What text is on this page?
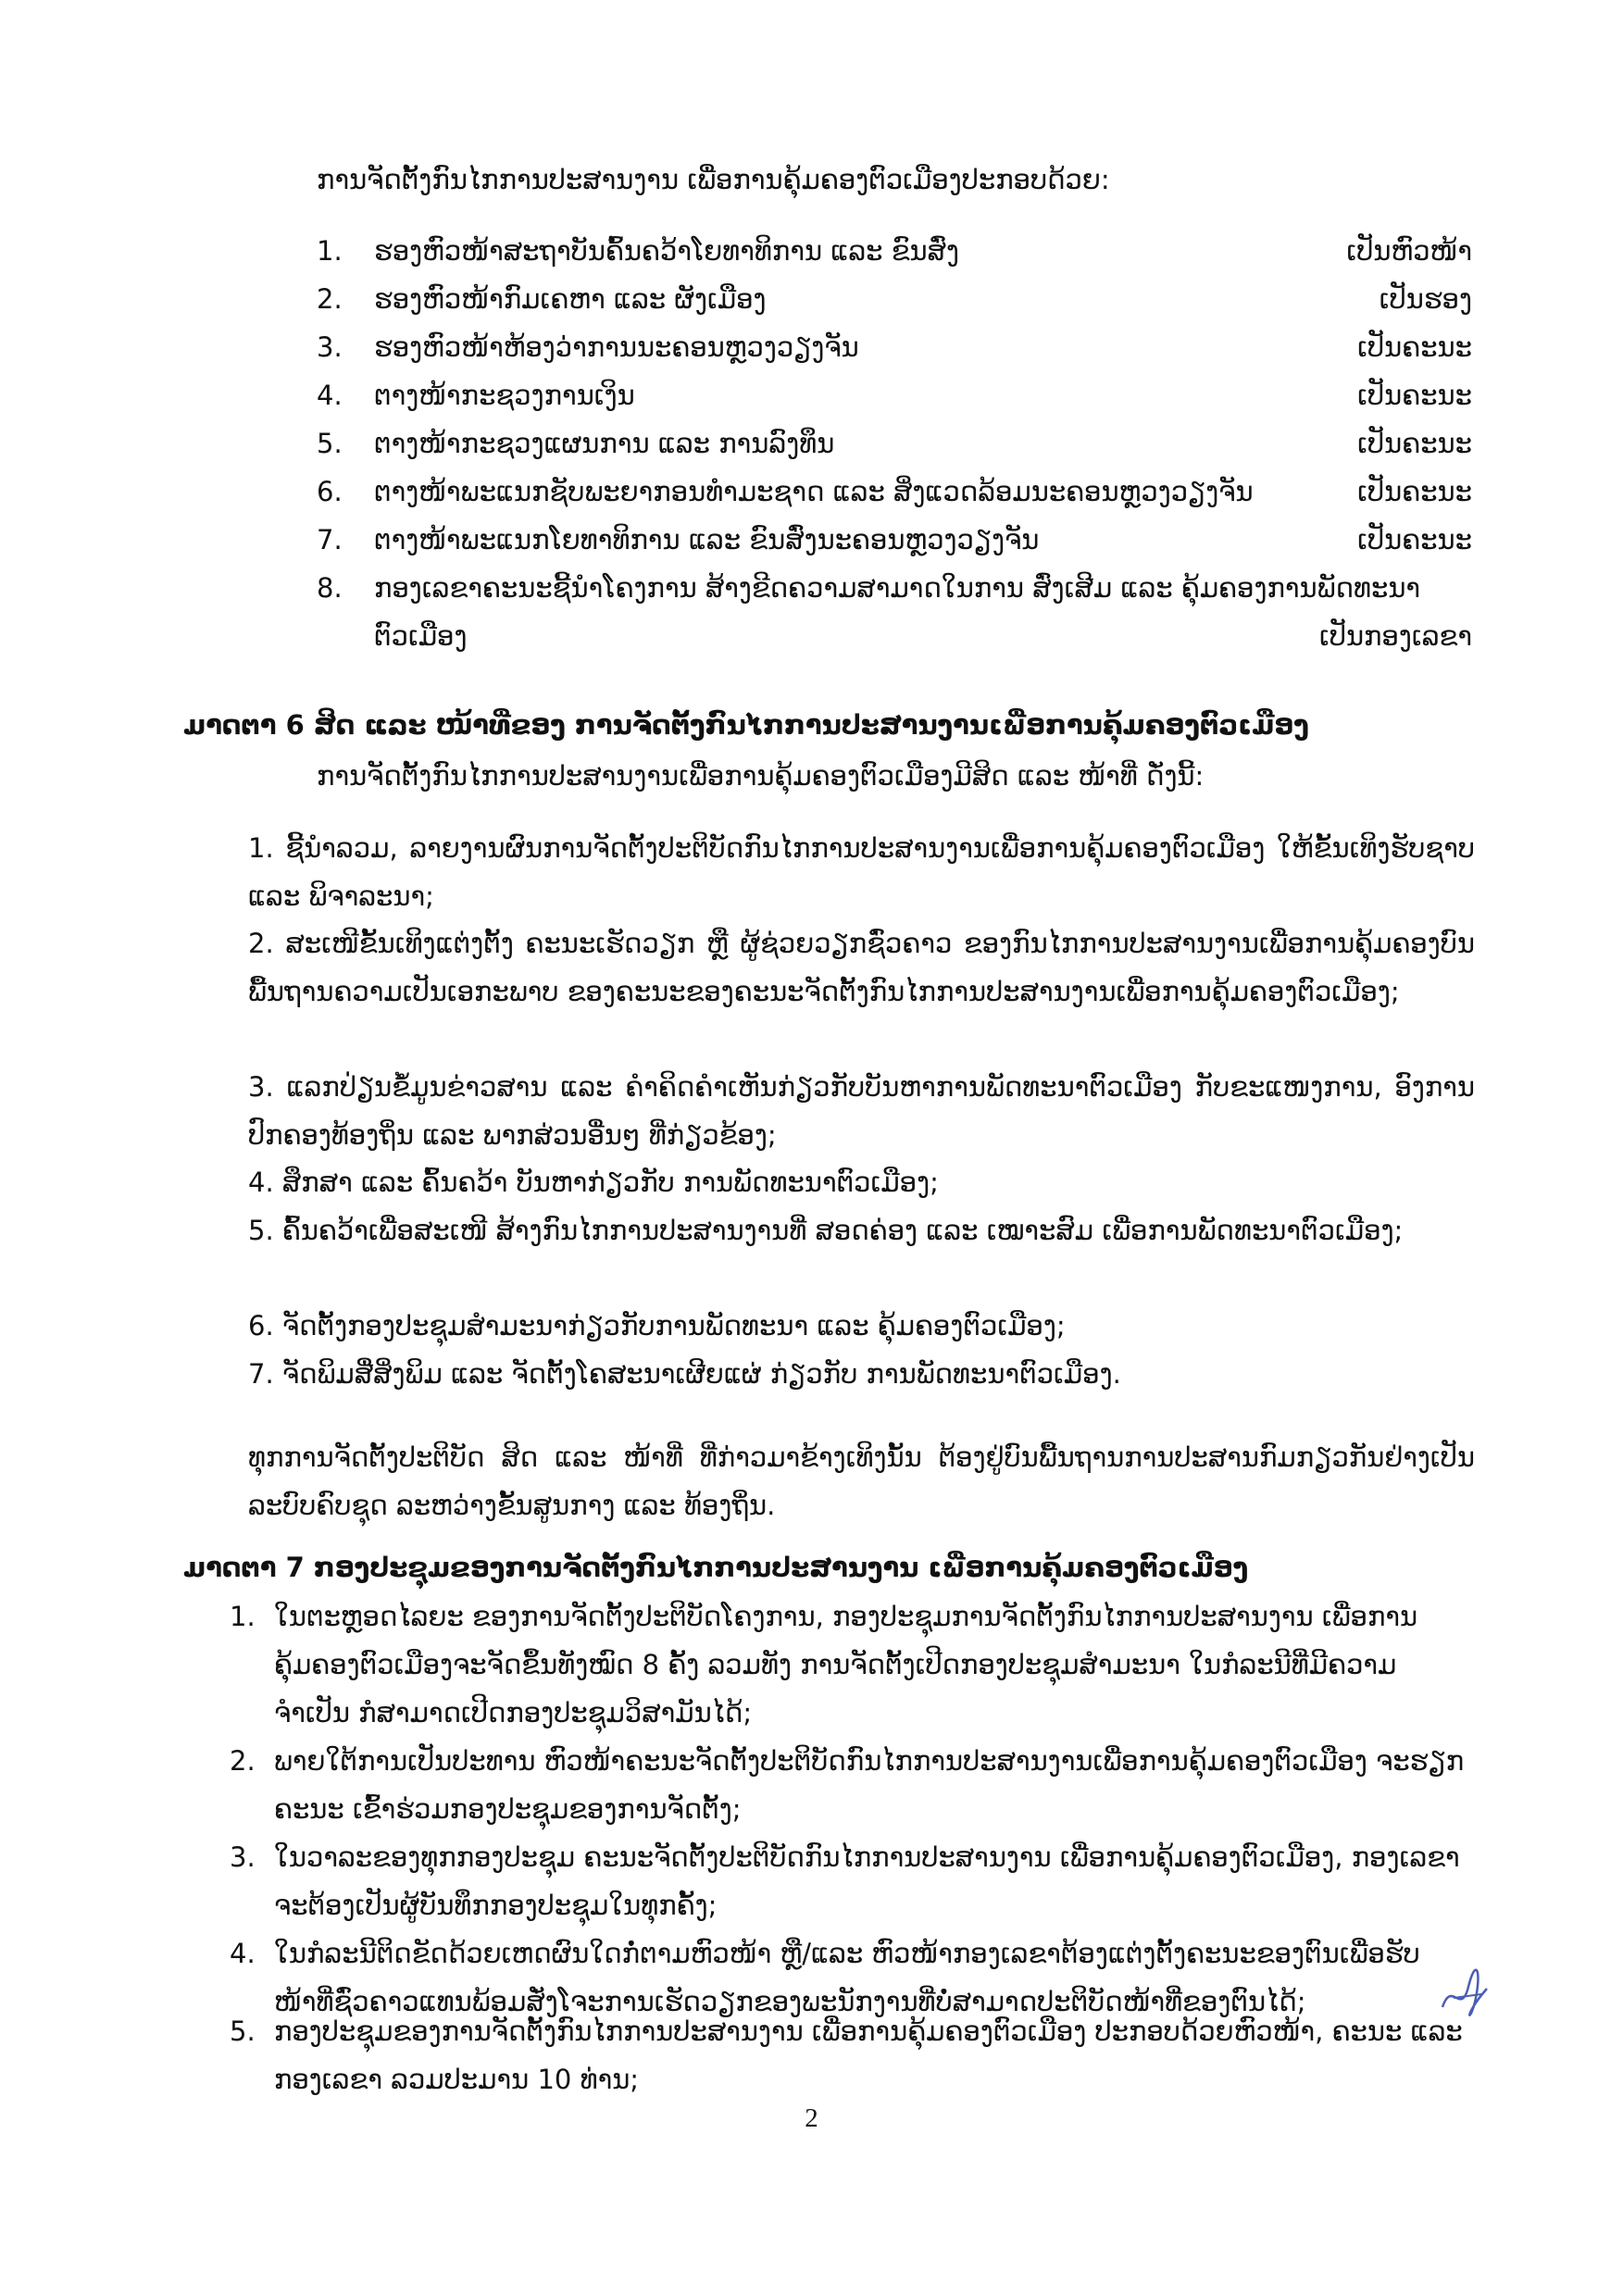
ການຈັດຕັ້ງກົນໄກການປະສານງານ ເພື່ອການຄຸ້ມຄອງຕົວເມືອງປະກອບດ້ວຍ:
1.	ຮອງຫົວໜ້າສະຖາບັນຄົ້ນຄວ້າໂຍທາທິການ ແລະ ຂົນສົ່ງ	ເປັນຫົວໜ້າ
2.	ຮອງຫົວໜ້າກົມເຄຫາ ແລະ ຜັງເມືອງ	ເປັນຮອງ
3.	ຮອງຫົວໜ້າຫ້ອງວ່າການນະຄອນຫຼວງວຽງຈັນ	ເປັນຄະນະ
4.	ຕາງໜ້າກະຊວງການເງິນ	ເປັນຄະນະ
5.	ຕາງໜ້າກະຊວງແຜນການ ແລະ ການລົງທຶນ	ເປັນຄະນະ
6.	ຕາງໜ້າພະແນກຊັບພະຍາກອນທຳມະຊາດ ແລະ ສິ່ງແວດລ້ອມນະຄອນຫຼວງວຽງຈັນ	ເປັນຄະນະ
7.	ຕາງໜ້າພະແນກໂຍທາທິການ ແລະ ຂົນສົ່ງນະຄອນຫຼວງວຽງຈັນ	ເປັນຄະນະ
8.	ກອງເລຂາຄະນະຊີ້ນຳໂຄງການ ສ້າງຂີດຄວາມສາມາດໃນການ ສົ່ງເສີມ ແລະ ຄຸ້ມຄອງການພັດທະນາ
ຕົວເມືອງ	ເປັນກອງເລຂາ
ມາດຕາ 6 ສິດ ແລະ ໜ້າທີ່ຂອງ ການຈັດຕັ້ງກົນໄກການປະສານງານເພື່ອການຄຸ້ມຄອງຕົວເມືອງ
ການຈັດຕັ້ງກົນໄກການປະສານງານເພື່ອການຄຸ້ມຄອງຕົວເມືອງມີສິດ ແລະ ໜ້າທີ່ ດັ່ງນີ້:
1. ຊີ້ນຳລວມ, ລາຍງານຜົນການຈັດຕັ້ງປະຕິບັດກົນໄກການປະສານງານເພື່ອການຄຸ້ມຄອງຕົວເມືອງ ໃຫ້ຂັ້ນເທິງຮັບຊາບ ແລະ ພິຈາລະນາ;
2. ສະເໜີຂັ້ນເທິງແຕ່ງຕັ້ງ ຄະນະເຮັດວຽກ ຫຼື ຜູ້ຊ່ວຍວຽກຊົ່ວຄາວ ຂອງກົນໄກການປະສານງານເພື່ອການຄຸ້ມຄອງບົນພື້ນຖານຄວາມເປັນເອກະພາບ ຂອງຄະນະຂອງຄະນະຈັດຕັ້ງກົນໄກການປະສານງານເພື່ອການຄຸ້ມຄອງຕົວເມືອງ;
3. ແລກປ່ຽນຂໍ້ມູນຂ່າວສານ ແລະ ຄຳຄິດຄຳເຫັນກ່ຽວກັບບັນຫາການພັດທະນາຕົວເມືອງ ກັບຂະແໜງການ, ອົງການປົກຄອງທ້ອງຖິ່ນ ແລະ ພາກສ່ວນອື່ນໆ ທີ່ກ່ຽວຂ້ອງ;
4. ສຶກສາ ແລະ ຄົ້ນຄວ້າ ບັນຫາກ່ຽວກັບ ການພັດທະນາຕົວເມືອງ;
5. ຄົ້ນຄວ້າເພື່ອສະເໜີ ສ້າງກົນໄກການປະສານງານທີ່ ສອດຄ່ອງ ແລະ ເໝາະສົມ ເພື່ອການພັດທະນາຕົວເມືອງ;
6. ຈັດຕັ້ງກອງປະຊຸມສຳມະນາກ່ຽວກັບການພັດທະນາ ແລະ ຄຸ້ມຄອງຕົວເມືອງ;
7. ຈັດພິມສື່ສິ່ງພິມ ແລະ ຈັດຕັ້ງໂຄສະນາເຜີຍແຜ່ ກ່ຽວກັບ ການພັດທະນາຕົວເມືອງ.
ທຸກການຈັດຕັ້ງປະຕິບັດ ສິດ ແລະ ໜ້າທີ່ ທີ່ກ່າວມາຂ້າງເທິງນັ້ນ ຕ້ອງຢູ່ບົນພື້ນຖານການປະສານກົມກຽວກັນຢ່າງເປັນລະບົບຄົບຊຸດ ລະຫວ່າງຂັ້ນສູນກາງ ແລະ ທ້ອງຖິ່ນ.
ມາດຕາ 7 ກອງປະຊຸມຂອງການຈັດຕັ້ງກົນໄກການປະສານງານ ເພື່ອການຄຸ້ມຄອງຕົວເມືອງ
1. ໃນຕະຫຼອດໄລຍະ ຂອງການຈັດຕັ້ງປະຕິບັດໂຄງການ, ກອງປະຊຸມການຈັດຕັ້ງກົນໄກການປະສານງານ ເພື່ອການຄຸ້ມຄອງຕົວເມືອງຈະຈັດຂຶ້ນທັງໝົດ 8 ຄັ້ງ ລວມທັງ ການຈັດຕັ້ງເປີດກອງປະຊຸມສຳມະນາ ໃນກໍລະນີທີ່ມີຄວາມຈຳເປັນ ກໍສາມາດເປີດກອງປະຊຸມວິສາມັນໄດ້;
2. ພາຍໃຕ້ການເປັນປະທານ ຫົວໜ້າຄະນະຈັດຕັ້ງປະຕິບັດກົນໄກການປະສານງານເພື່ອການຄຸ້ມຄອງຕົວເມືອງ ຈະຮຽກຄະນະ ເຂົ້າຮ່ວມກອງປະຊຸມຂອງການຈັດຕັ້ງ;
3. ໃນວາລະຂອງທຸກກອງປະຊຸມ ຄະນະຈັດຕັ້ງປະຕິບັດກົນໄກການປະສານງານ ເພື່ອການຄຸ້ມຄອງຕົວເມືອງ, ກອງເລຂາຈະຕ້ອງເປັນຜູ້ບັນທຶກກອງປະຊຸມໃນທຸກຄັ້ງ;
4. ໃນກໍລະນີຕິດຂັດດ້ວຍເຫດຜົນໃດກໍ່ຕາມຫົວໜ້າ ຫຼື/ແລະ ຫົວໜ້າກອງເລຂາຕ້ອງແຕ່ງຕັ້ງຄະນະຂອງຕົນເພື່ອຮັບໜ້າທີ່ຊົ່ວຄາວແທນພ້ອມສັ່ງໂຈະການເຮັດວຽກຂອງພະນັກງານທີ່ບໍ່ສາມາດປະຕິບັດໜ້າທີ່ຂອງຕົນໄດ້;
5. ກອງປະຊຸມຂອງການຈັດຕັ້ງກົນໄກການປະສານງານ ເພື່ອການຄຸ້ມຄອງຕົວເມືອງ ປະກອບດ້ວຍຫົວໜ້າ, ຄະນະ ແລະ ກອງເລຂາ ລວມປະມານ 10 ທ່ານ;
2
